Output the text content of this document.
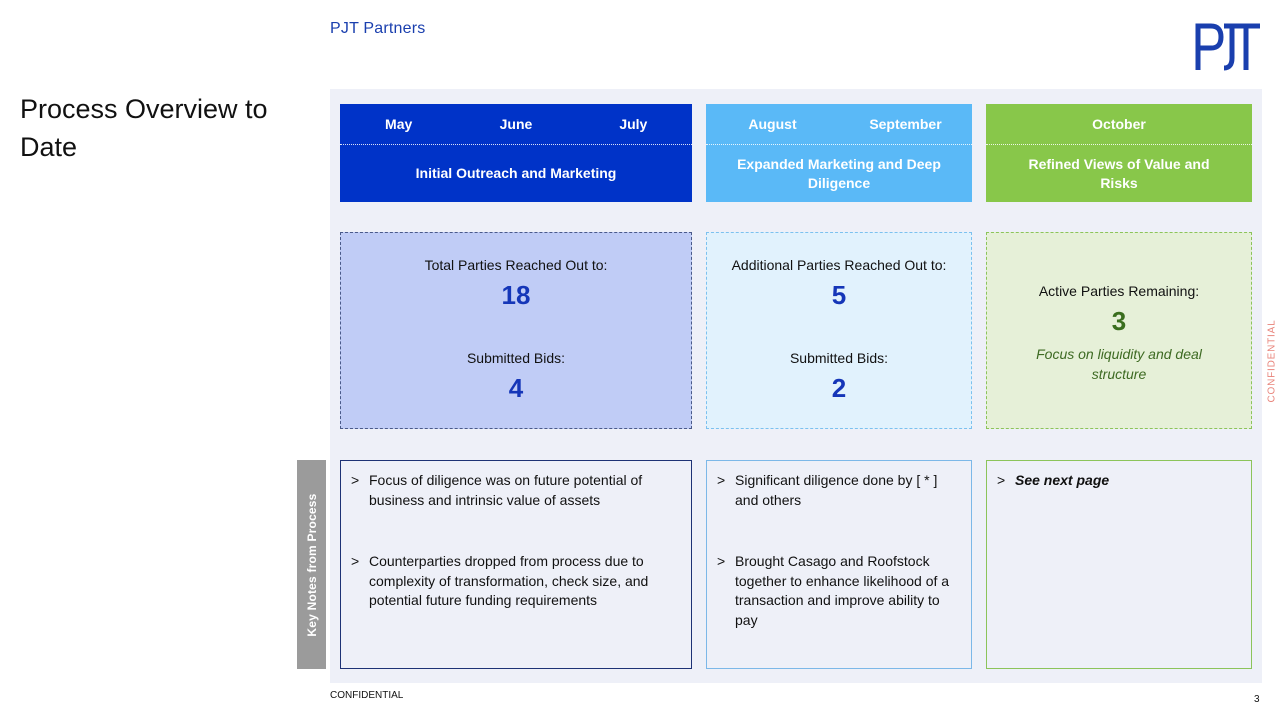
PJT Partners
Process Overview to Date
May	June	July
Initial Outreach and Marketing
August	September
Expanded Marketing and Deep Diligence
October
Refined Views of Value and Risks
Total Parties Reached Out to:
18
Submitted Bids:
4
Additional Parties Reached Out to:
5
Submitted Bids:
2
Active Parties Remaining:
3
Focus on liquidity and deal structure
Key Notes from Process
> Focus of diligence was on future potential of business and intrinsic value of assets
> Counterparties dropped from process due to complexity of transformation, check size, and potential future funding requirements
> Significant diligence done by [ * ] and others
> Brought Casago and Roofstock together to enhance likelihood of a transaction and improve ability to pay
> See next page
CONFIDENTIAL
CONFIDENTIAL	3
